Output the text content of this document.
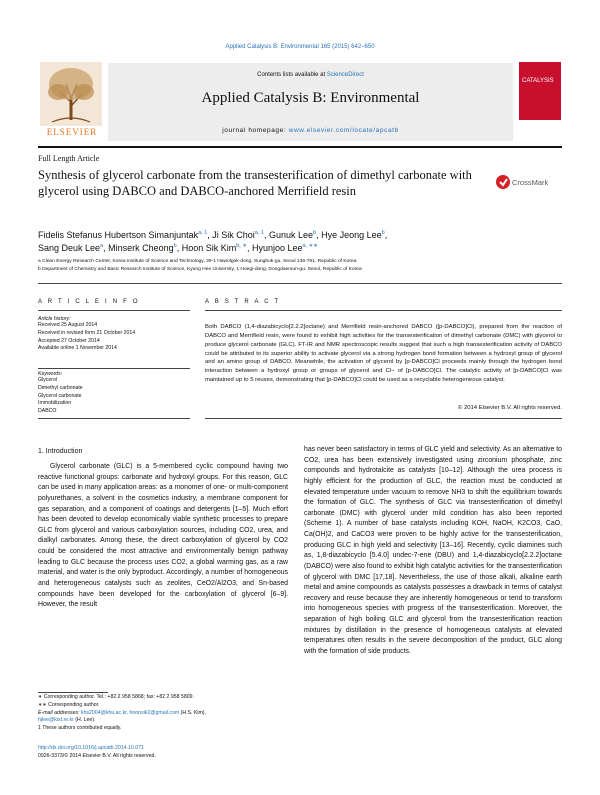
Applied Catalysis B: Environmental 165 (2015) 642–650
ELSEVIER
Contents lists available at ScienceDirect
Applied Catalysis B: Environmental
journal homepage: www.elsevier.com/locate/apcatb
CATALYSIS
Full Length Article
Synthesis of glycerol carbonate from the transesterification of dimethyl carbonate with glycerol using DABCO and DABCO-anchored Merrifield resin
CrossMark
Fidelis Stefanus Hubertson Simanjuntak$^{a, 1}$, Ji Sik Choi$^{a, 1}$, Gunuk Lee$^b$, Hye Jeong Lee$^b$,
Sang Deuk Lee$^a$, Minserk Cheong$^b$, Hoon Sik Kim$^{b, ∗}$, Hyunjoo Lee$^{a, ∗∗}$
a Clean Energy Research Center, Korea Institute of Science and Technology, 39-1 Hawolgok-dong, Sungbuk-gu, Seoul 136-791, Republic of Korea
b Department of Chemistry and Basic Research Institute of Science, Kyung Hee University, 1 Hoegi-dong, Dongdaemun-gu, Seoul, Republic of Korea
A R T I C L E I N F O
Article history:
Received 25 August 2014
Received in revised form 21 October 2014
Accepted 27 October 2014
Available online 1 November 2014
Keywords:
Glycerol
Dimethyl carbonate
Glycerol carbonate
Immobilization
DABCO
A B S T R A C T
Both DABCO (1,4-diazabicyclo[2.2.2]octane) and Merrifield resin-anchored DABCO ([p-DABCO]Cl), prepared from the reaction of DABCO and Merrifield resin, were found to exhibit high activities for the transesterification of dimethyl carbonate (DMC) with glycerol to produce glycerol carbonate (GLC). FT-IR and NMR spectroscopic results suggest that such a high transesterification activity of DABCO could be attributed to its superior ability to activate glycerol via a strong hydrogen bond formation between a hydroxyl group of glycerol and an amino group of DABCO. Meanwhile, the activation of glycerol by [p-DABCO]Cl proceeds mainly through the hydrogen bond interaction between a hydroxyl group or groups of glycerol and Cl− of [p-DABCO]Cl. The catalytic activity of [p-DABCO]Cl was maintained up to 5 reuses, demonstrating that [p-DABCO]Cl could be used as a recyclable heterogeneous catalyst.
© 2014 Elsevier B.V. All rights reserved.
1. Introduction

Glycerol carbonate (GLC) is a 5-membered cyclic compound having two reactive functional groups: carbonate and hydroxyl groups. For this reason, GLC can be used in many application areas: as a monomer of one- or multi-component polyurethanes, a solvent in the cosmetics industry, a membrane component for gas separation, and a component of coatings and detergents [1–5]. Much effort has been devoted to develop economically viable synthetic processes to prepare GLC from glycerol and various carboxylation sources, including CO2, urea, and dialkyl carbonates. Among these, the direct carboxylation of glycerol by CO2 could be considered the most attractive and environmentally benign pathway leading to GLC because the process uses CO2, a global warming gas, as a raw material, and water is the only byproduct. Accordingly, a number of homogeneous and heterogeneous catalysts such as zeolites, CeO2/Al2O3, and Sn-based compounds have been developed for the carboxylation of glycerol [6–9]. However, the result

has never been satisfactory in terms of GLC yield and selectivity. As an alternative to CO2, urea has been extensively investigated using zirconium phosphate, zinc compounds and hydrotalcite as catalysts [10–12]. Although the urea process is highly efficient for the production of GLC, the reaction must be conducted at elevated temperature under vacuum to remove NH3 to shift the equilibrium towards the formation of GLC. The synthesis of GLC via transesterification of dimethyl carbonate (DMC) with glycerol under mild condition has also been reported (Scheme 1). A number of base catalysts including KOH, NaOH, K2CO3, CaO, Ca(OH)2, and CaCO3 were proven to be highly active for the transesterification, producing GLC in high yield and selectivity [13–16]. Recently, cyclic diamines such as, 1,8-diazabicyclo [5.4.0] undec-7-ene (DBU) and 1,4-diazabicyclo[2.2.2]octane (DABCO) were also found to exhibit high catalytic activities for the transesterification of glycerol with DMC [17,18]. Nevertheless, the use of those alkali, alkaline earth metal and amine compounds as catalysts possesses a drawback in terms of catalyst recovery and reuse because they are inherently homogeneous or tend to transform into homogeneous species with progress of the transesterification. Moreover, the separation of high boiling GLC and glycerol from the transesterification reaction mixtures by distillation in the presence of homogeneous catalysts at elevated temperatures often results in the severe decomposition of the product, GLC along with the formation of side products.

∗ Corresponding author. Tel.: +82 2 958 5868; fax: +82 2 958 5809.
∗∗ Corresponding author.
E-mail addresses: khs2004@khu.ac.kr, hoonsik2@gmail.com (H.S. Kim),
hjlee@kist.re.kr (H. Lee).
1 These authors contributed equally.
http://dx.doi.org/10.1016/j.apcatb.2014.10.071
0926-3373/© 2014 Elsevier B.V. All rights reserved.
